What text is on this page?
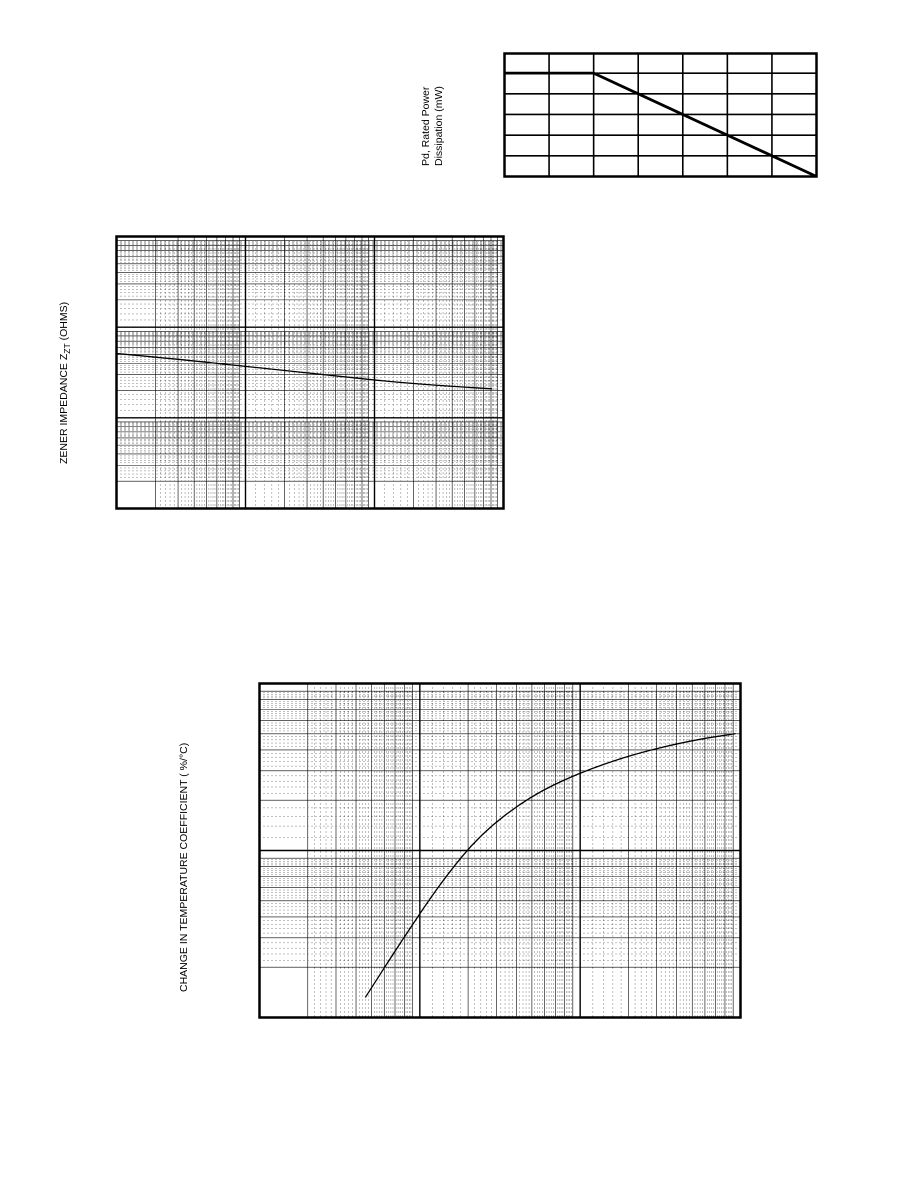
Pd, Rated Power Dissipation (mW)
ZENER IMPEDANCE $Z_{ZT}$ (OHMS)
CHANGE IN TEMPERATURE COEFFICIENT ( %/°C)
